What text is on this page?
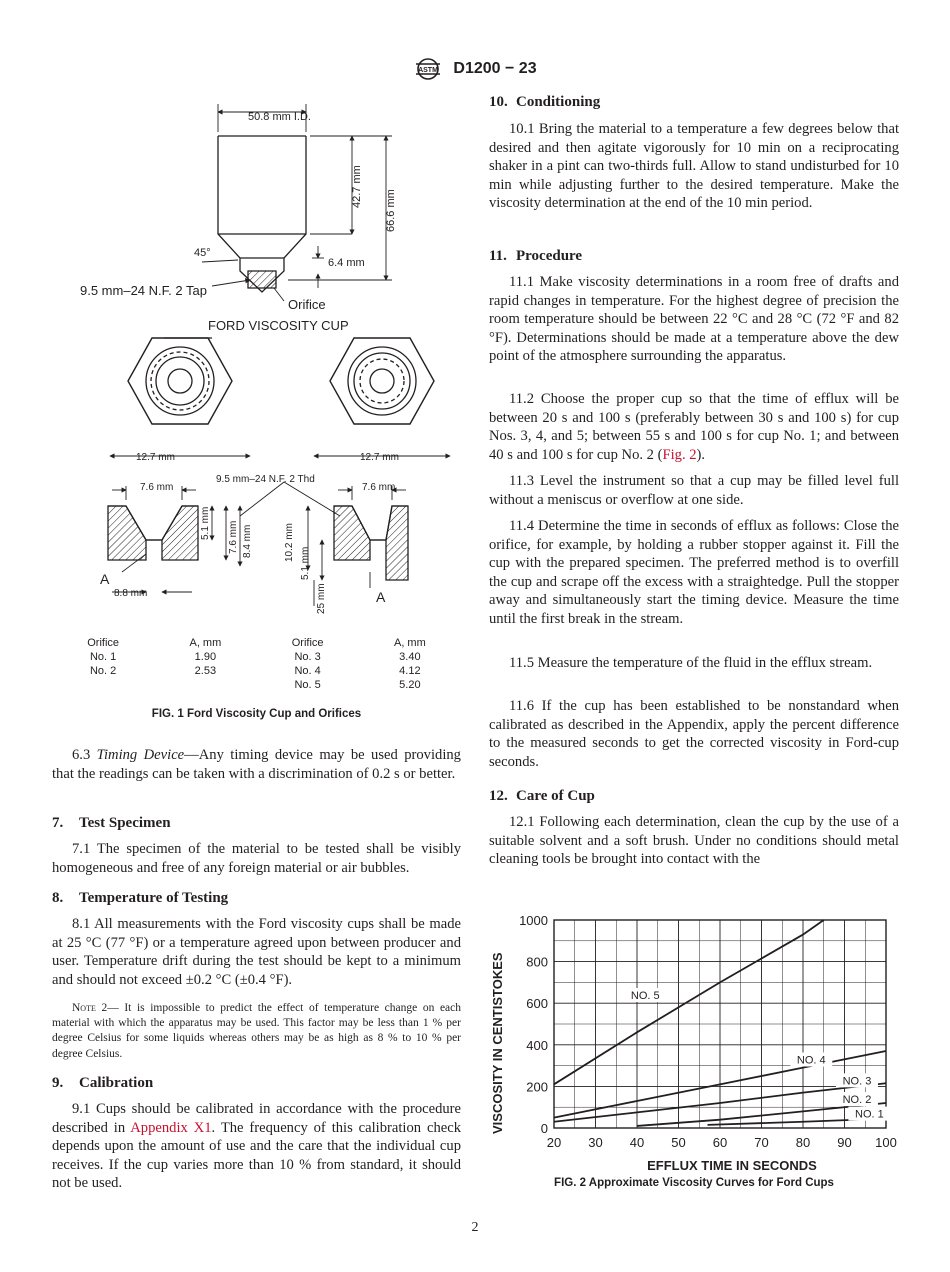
ASTM D1200 − 23
50.8 mm I.D.
42.7 mm
66.6 mm
45°
6.4 mm
9.5 mm–24 N.F. 2 Tap
Orifice
FORD VISCOSITY CUP
12.7 mm	12.7 mm
9.5 mm–24 N.F. 2 Thd
7.6 mm	7.6 mm
5.1 mm 7.6 mm 8.4 mm	10.2 mm
5.1 mm
25 mm
8.8 mm
A
A
Orifice	A, mm	Orifice	A, mm
No. 1	1.90	No. 3	3.40
No. 2	2.53	No. 4	4.12
		No. 5	5.20
FIG. 1 Ford Viscosity Cup and Orifices

6.3 Timing Device—Any timing device may be used providing that the readings can be taken with a discrimination of 0.2 s or better.

7. Test Specimen

7.1 The specimen of the material to be tested shall be visibly homogeneous and free of any foreign material or air bubbles.

8. Temperature of Testing

8.1 All measurements with the Ford viscosity cups shall be made at 25 °C (77 °F) or a temperature agreed upon between producer and user. Temperature drift during the test should be kept to a minimum and should not exceed ±0.2 °C (±0.4 °F).

Note 2— It is impossible to predict the effect of temperature change on each material with which the apparatus may be used. This factor may be less than 1 % per degree Celsius for some liquids whereas others may be as high as 8 % to 10 % per degree Celsius.

9. Calibration

9.1 Cups should be calibrated in accordance with the procedure described in Appendix X1. The frequency of this calibration check depends upon the amount of use and the care that the individual cup receives. If the cup varies more than 10 % from standard, it should not be used.

10. Conditioning

10.1 Bring the material to a temperature a few degrees below that desired and then agitate vigorously for 10 min on a reciprocating shaker in a pint can two-thirds full. Allow to stand undisturbed for 10 min while adjusting further to the desired temperature. Make the viscosity determination at the end of the 10 min period.

11. Procedure

11.1 Make viscosity determinations in a room free of drafts and rapid changes in temperature. For the highest degree of precision the room temperature should be between 22 °C and 28 °C (72 °F and 82 °F). Determinations should be made at a temperature above the dew point of the atmosphere surrounding the apparatus.

11.2 Choose the proper cup so that the time of efflux will be between 20 s and 100 s (preferably between 30 s and 100 s) for cup Nos. 3, 4, and 5; between 55 s and 100 s for cup No. 1; and between 40 s and 100 s for cup No. 2 (Fig. 2).

11.3 Level the instrument so that a cup may be filled level full without a meniscus or overflow at one side.

11.4 Determine the time in seconds of efflux as follows: Close the orifice, for example, by holding a rubber stopper against it. Fill the cup with the prepared specimen. The preferred method is to overfill the cup and scrape off the excess with a straightedge. Pull the stopper away and simultaneously start the timing device. Measure the time until the first break in the stream.

11.5 Measure the temperature of the fluid in the efflux stream.

11.6 If the cup has been established to be nonstandard when calibrated as described in the Appendix, apply the percent difference to the measured seconds to get the corrected viscosity in Ford-cup seconds.

12. Care of Cup

12.1 Following each determination, clean the cup by the use of a suitable solvent and a soft brush. Under no conditions should metal cleaning tools be brought into contact with the

NO. 5
NO. 4
NO. 3
NO. 2
NO. 1
20 30 40 50 60 70 80 90 100
0
200
400
600
800
1000
VISCOSITY IN CENTISTOKES
EFFLUX TIME IN SECONDS
FIG. 2 Approximate Viscosity Curves for Ford Cups
2
